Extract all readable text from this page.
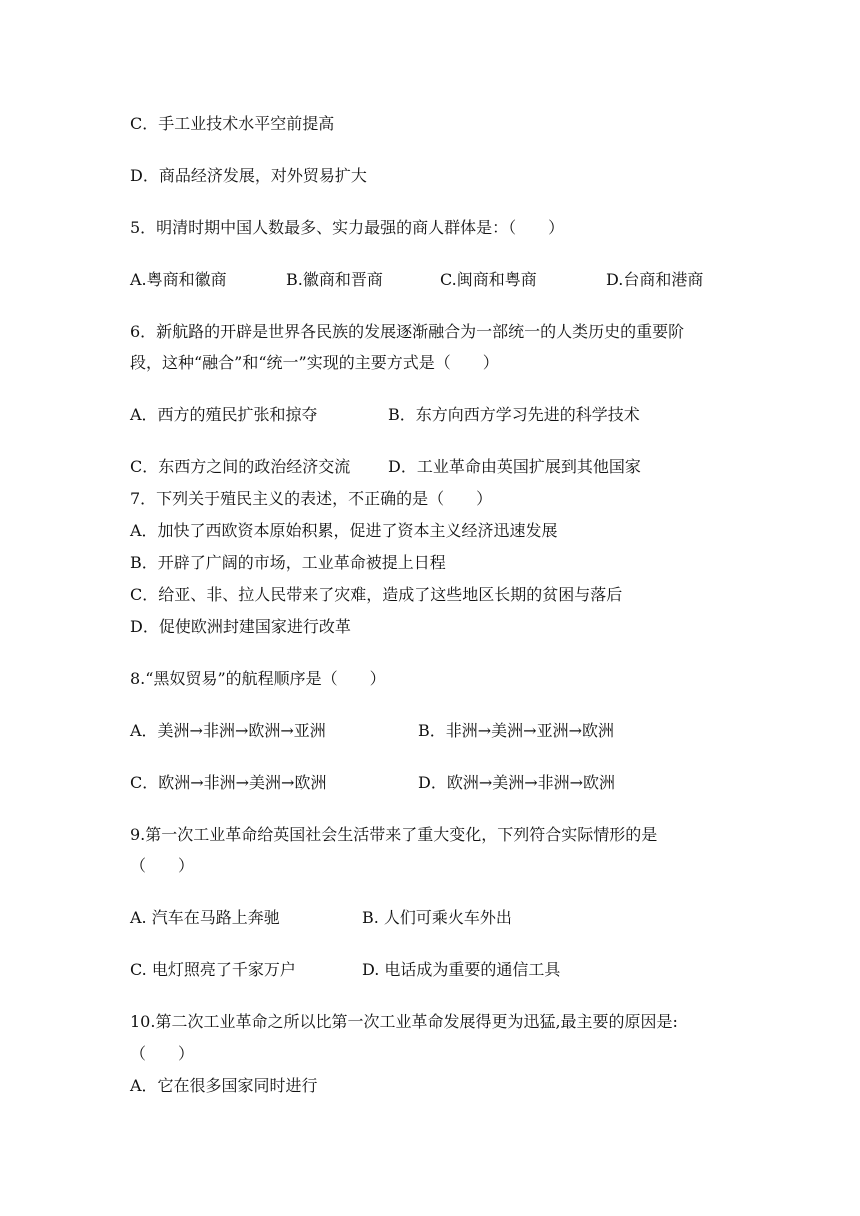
C．手工业技术水平空前提高
D．商品经济发展，对外贸易扩大
5．明清时期中国人数最多、实力最强的商人群体是：（　　）
A.粤商和徽商	B.徽商和晋商	C.闽商和粤商	D.台商和港商
6．新航路的开辟是世界各民族的发展逐渐融合为一部统一的人类历史的重要阶
段，这种“融合”和“统一”实现的主要方式是（　　）
A．西方的殖民扩张和掠夺	B．东方向西方学习先进的科学技术
C．东西方之间的政治经济交流 D．工业革命由英国扩展到其他国家
7．下列关于殖民主义的表述，不正确的是（　　）
A．加快了西欧资本原始积累，促进了资本主义经济迅速发展
B．开辟了广阔的市场，工业革命被提上日程
C．给亚、非、拉人民带来了灾难，造成了这些地区长期的贫困与落后
D．促使欧洲封建国家进行改革
8.“黑奴贸易”的航程顺序是（　　）
A．美洲→非洲→欧洲→亚洲	B．非洲→美洲→亚洲→欧洲
C．欧洲→非洲→美洲→欧洲	D．欧洲→美洲→非洲→欧洲
9.第一次工业革命给英国社会生活带来了重大变化，下列符合实际情形的是
（　　）
A. 汽车在马路上奔驰	B. 人们可乘火车外出
C. 电灯照亮了千家万户	D. 电话成为重要的通信工具
10.第二次工业革命之所以比第一次工业革命发展得更为迅猛,最主要的原因是:
（　　）
A．它在很多国家同时进行
